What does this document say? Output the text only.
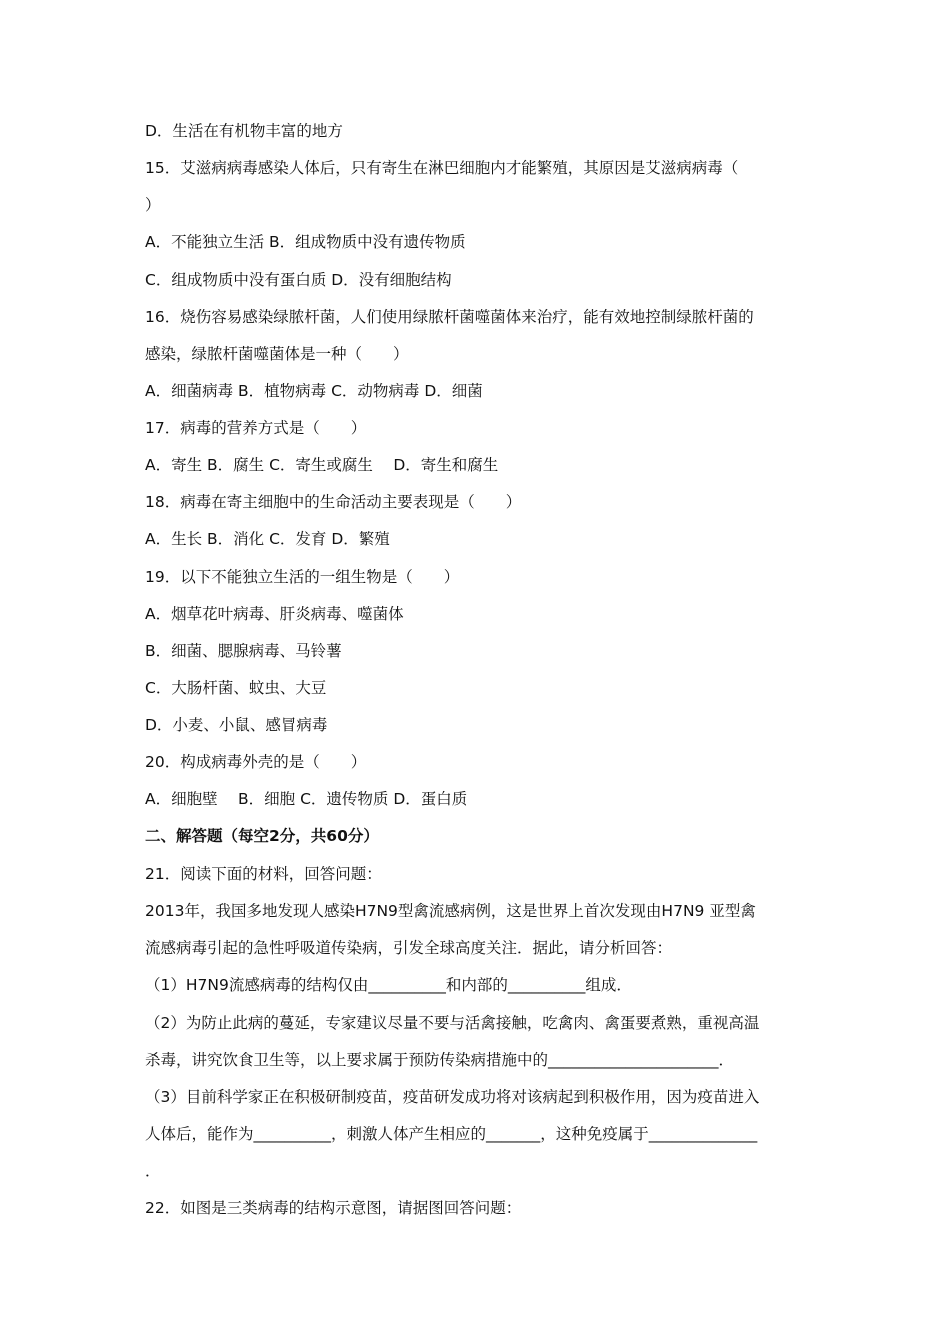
D．生活在有机物丰富的地方
15．艾滋病病毒感染人体后，只有寄生在淋巴细胞内才能繁殖，其原因是艾滋病病毒（
）
A．不能独立生活 B．组成物质中没有遗传物质
C．组成物质中没有蛋白质 D．没有细胞结构
16．烧伤容易感染绿脓杆菌，人们使用绿脓杆菌噬菌体来治疗，能有效地控制绿脓杆菌的
感染，绿脓杆菌噬菌体是一种（　　）
A．细菌病毒 B．植物病毒 C．动物病毒 D．细菌
17．病毒的营养方式是（　　）
A．寄生 B．腐生 C．寄生或腐生　 D．寄生和腐生
18．病毒在寄主细胞中的生命活动主要表现是（　　）
A．生长 B．消化 C．发育 D．繁殖
19．以下不能独立生活的一组生物是（　　）
A．烟草花叶病毒、肝炎病毒、噬菌体
B．细菌、腮腺病毒、马铃薯
C．大肠杆菌、蚊虫、大豆
D．小麦、小鼠、感冒病毒
20．构成病毒外壳的是（　　）
A．细胞壁　 B．细胞 C．遗传物质 D．蛋白质
二、解答题（每空2分，共60分）
21．阅读下面的材料，回答问题：
2013年，我国多地发现人感染H7N9型禽流感病例，这是世界上首次发现由H7N9 亚型禽
流感病毒引起的急性呼吸道传染病，引发全球高度关注．据此，请分析回答：
（1）H7N9流感病毒的结构仅由__________和内部的__________组成．
（2）为防止此病的蔓延，专家建议尽量不要与活禽接触，吃禽肉、禽蛋要煮熟，重视高温
杀毒，讲究饮食卫生等，以上要求属于预防传染病措施中的______________________．
（3）目前科学家正在积极研制疫苗，疫苗研发成功将对该病起到积极作用，因为疫苗进入
人体后，能作为__________，刺激人体产生相应的_______，这种免疫属于______________
．
22．如图是三类病毒的结构示意图，请据图回答问题：
